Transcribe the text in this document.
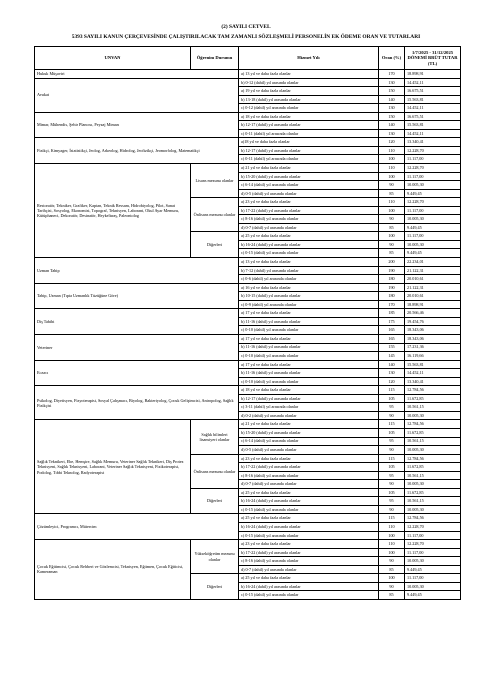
(2) SAYILI CETVEL
5393 SAYILI KANUN ÇERÇEVESİNDE ÇALIŞTIRILACAK TAM ZAMANLI SÖZLEŞMELİ PERSONELİN EK ÖDEME ORAN VE TUTARLARI
UNVAN	Öğrenim Durumu	Hizmet Yılı	Oran (%)	1/7/2025 - 31/12/2025 DÖNEMİ BRÜT TUTAR (TL)
Hukuk Müşaviri		a) 13 yıl ve daha fazla olanlar	170	18.898,91
Avukat		b) 0-12 (dahil) yıl arasında olanlar	130	14.452,11
		a) 19 yıl ve daha fazla olanlar	150	16.675,51
		b) 13-18 (dahil) yıl arasında olanlar	140	15.563,81
		c) 0-12 (dahil) yıl arasında olanlar	130	14.452,11
Mimar, Mühendis, Şehir Plancısı, Peyzaj Mimarı		a) 18 yıl ve daha fazla olanlar	150	16.675,51
		b) 12-17 (dahil) yıl arasında olanlar	140	15.563,81
		c) 0-11 (dahil) yıl arasında olanlar	130	14.452,11
Fizikçi, Kimyager, İstatistikçi, Jeolog, Arkeolog, Hidrolog, Jeofizikçi, Jeomorfolog, Matematikçi		a)18 yıl ve daha fazla olanlar	120	13.340,41
		b) 12-17 (dahil) yıl arasında olanlar	110	12.228,70
		c) 0-11 (dahil) yıl arasında olanlar	100	11.117,00
Restoratör, Tekniker, Grafiker, Kaptan, Teknik Ressam, Hidrobiyolog, Pilot, Sanat Tarihçisi, Sosyolog, Ekonomist, Topograf, Teknisyen, Laborant, Okul Ayar Memuru, Kütüphaneci, Dekoratör, Desinatör, Heykeltıraş, Paleontolog	Lisans mezunu olanlar	a) 21 yıl ve daha fazla olanlar	110	12.228,70
		b) 15-20 (dahil) yıl arasında olanlar	100	11.117,00
		c) 6-14 (dahil) yıl arasında olanlar	90	10.005,30
		d) 0-5 (dahil) yıl arasında olanlar	85	9.449,45
	Önlisans mezunu olanlar	a) 23 yıl ve daha fazla olanlar	110	12.228,70
		b) 17-22 (dahil) yıl arasında olanlar	100	11.117,00
		c) 8-16 (dahil) yıl arasında olanlar	90	10.005,30
		d) 0-7 (dahil) yıl arasında olanlar	85	9.449,45
	Diğerleri	a) 25 yıl ve daha fazla olanlar	100	11.117,00
		b) 16-24 (dahil) yıl arasında olanlar	90	10.005,30
		c) 0-15 (dahil) yıl arasında olanlar	85	9.449,45
Uzman Tabip		a) 13 yıl ve daha fazla olanlar	200	22.234,01
		b) 7-12 (dahil) yıl arasında olanlar	190	21.122,31
		c) 0-6 (dahil) yıl arasında olanlar	180	20.010,61
Tabip, Uzman (Tıpta Uzmanlık Tüzüğüne Göre)		a) 16 yıl ve daha fazla olanlar	190	21.122,31
		b) 10-15 (dahil) yıl arasında olanlar	180	20.010,61
		c) 0-9 (dahil) yıl arasında olanlar	170	18.898,91
Diş Tabibi		a) 17 yıl ve daha fazla olanlar	185	20.566,46
		b) 11-16 (dahil) yıl arasında olanlar	175	19.454,76
		c) 0-10 (dahil) yıl arasında olanlar	165	18.343,06
Veteriner		a) 17 yıl ve daha fazla olanlar	165	18.343,06
		b) 11-16 (dahil) yıl arasında olanlar	155	17.231,36
		c) 0-10 (dahil) yıl arasında olanlar	145	16.119,66
Eczacı		a) 17 yıl ve daha fazla olanlar	140	15.563,81
		b) 11-16 (dahil) yıl arasında olanlar	130	14.452,11
		c) 0-10 (dahil) yıl arasında olanlar	120	13.340,41
Psikolog, Diyetisyen, Fizyoterapist, Sosyal Çalışmacı, Biyolog, Bakteriyolog, Çocuk Gelişimcisi, Antropolog, Sağlık Fizikçisi		a) 18 yıl ve daha fazla olanlar	115	12.784,56
		b) 12-17 (dahil) yıl arasında olanlar	105	11.672,85
		c) 3-11 (dahil) yıl arasında olanlar	95	10.561,15
		d) 0-2 (dahil) yıl arasında olanlar	90	10.005,30
Sağlık Teknikeri, Ebe, Hemşire, Sağlık Memuru, Veteriner Sağlık Teknikeri, Diş Protez Teknisyeni, Sağlık Teknisyeni, Laborant, Veteriner Sağlık Teknisyeni, Fizikoterapist, Podolog, Tıbbi Teknolog, Radyoterapist	Sağlık bilimleri lisansiyeri olanlar	a) 21 yıl ve daha fazla olanlar	115	12.784,56
		b) 15-20 (dahil) yıl arasında olanlar	105	11.672,85
		c) 6-14 (dahil) yıl arasında olanlar	95	10.561,15
		d) 0-5 (dahil) yıl arasında olanlar	90	10.005,30
	Önlisans mezunu olanlar	a) 23 yıl ve daha fazla olanlar	115	12.784,56
		b) 17-22 (dahil) yıl arasında olanlar	105	11.672,85
		c) 8-16 (dahil) yıl arasında olanlar	95	10.561,15
		d) 0-7 (dahil) yıl arasında olanlar	90	10.005,30
	Diğerleri	a) 25 yıl ve daha fazla olanlar	105	11.672,85
		b) 16-24 (dahil) yıl arasında olanlar	95	10.561,15
		c) 0-15 (dahil) yıl arasında olanlar	90	10.005,30
Çözümleyici, Programcı, Mütercim		a) 25 yıl ve daha fazla olanlar	115	12.784,56
		b) 16-24 (dahil) yıl arasında olanlar	110	12.228,70
		c) 0-15 (dahil) yıl arasında olanlar	100	11.117,00
Çocuk Eğitimcisi, Çocuk Rehberi ve Gözlemcisi, Teknisyen, Eğitmen, Çocuk Eğiticisi, Kameraman	Yükseköğretim mezunu olanlar	a) 23 yıl ve daha fazla olanlar	110	12.228,70
		b) 17-22 (dahil) yıl arasında olanlar	100	11.117,00
		c) 8-16 (dahil) yıl arasında olanlar	90	10.005,30
		d) 0-7 (dahil) yıl arasında olanlar	85	9.449,45
	Diğerleri	a) 25 yıl ve daha fazla olanlar	100	11.117,00
		b) 16-24 (dahil) yıl arasında olanlar	90	10.005,30
		c) 0-15 (dahil) yıl arasında olanlar	85	9.449,45
